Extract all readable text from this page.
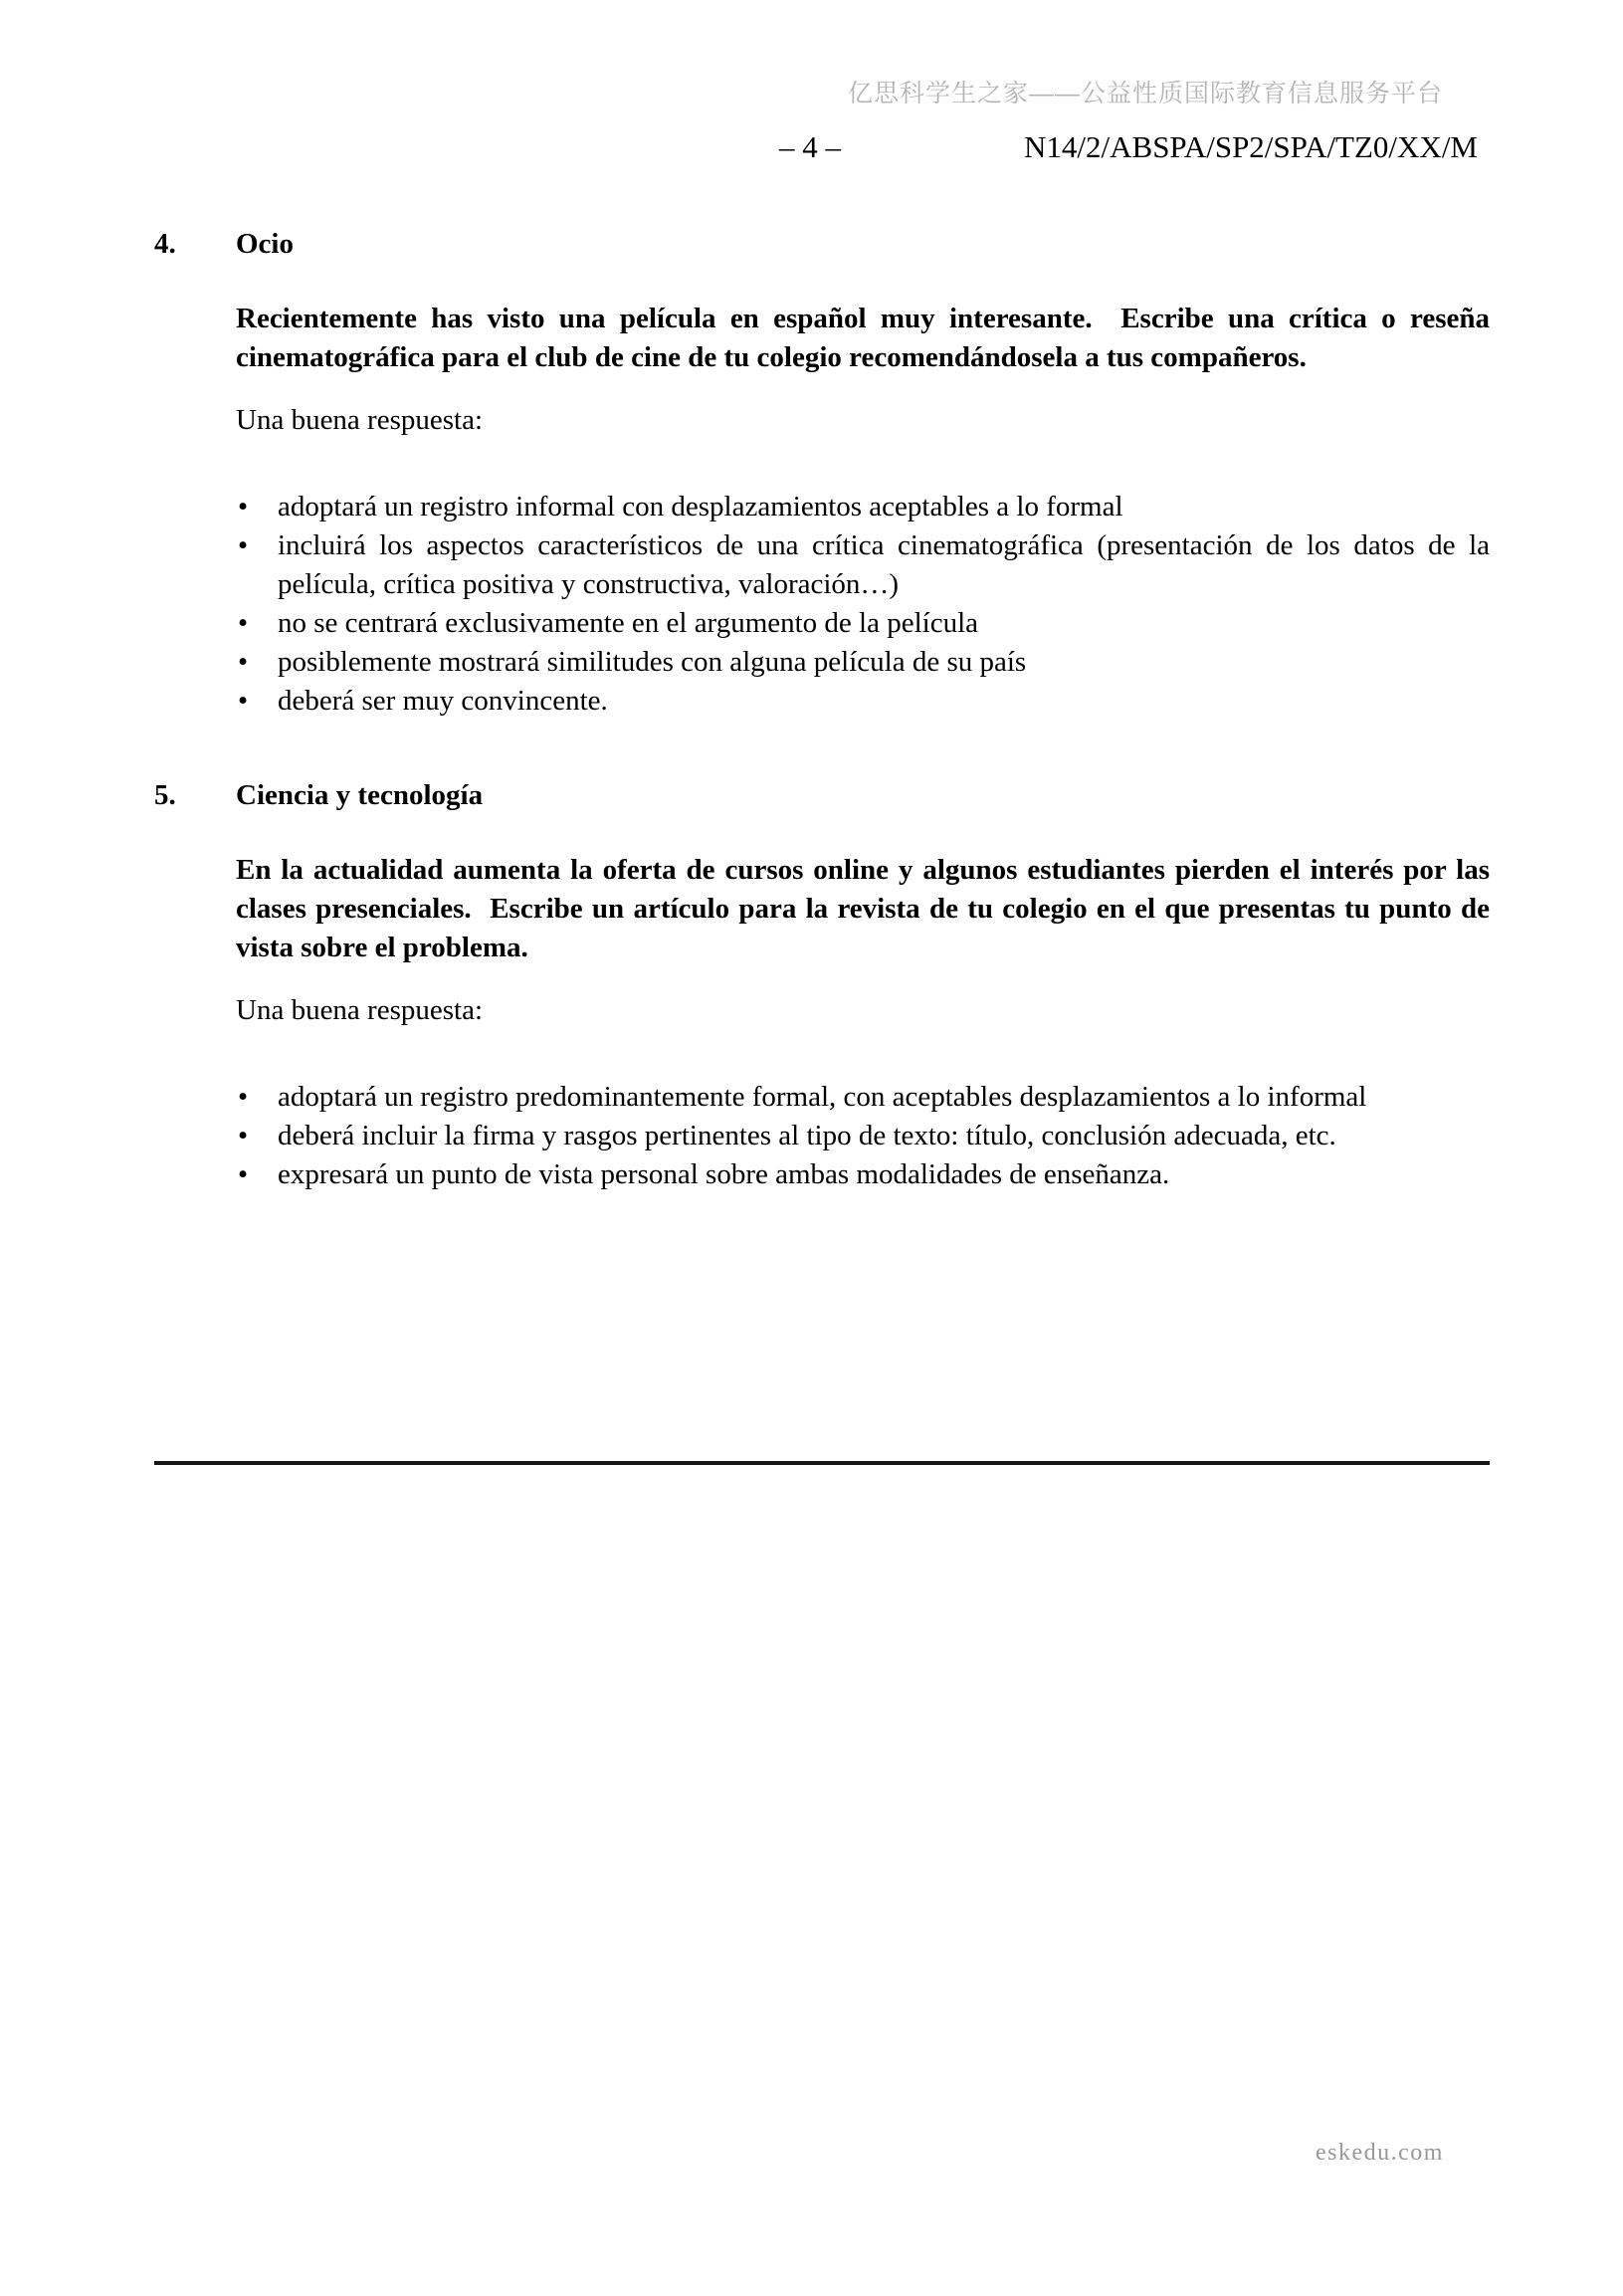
亿思科学生之家——公益性质国际教育信息服务平台
– 4 –	N14/2/ABSPA/SP2/SPA/TZ0/XX/M
4.	Ocio

Recientemente has visto una película en español muy interesante.  Escribe una crítica o reseña cinematográfica para el club de cine de tu colegio recomendándosela a tus compañeros.

Una buena respuesta:

• adoptará un registro informal con desplazamientos aceptables a lo formal
• incluirá los aspectos característicos de una crítica cinematográfica (presentación de los datos de la película, crítica positiva y constructiva, valoración…)
• no se centrará exclusivamente en el argumento de la película
• posiblemente mostrará similitudes con alguna película de su país
• deberá ser muy convincente.
5.	Ciencia y tecnología

En la actualidad aumenta la oferta de cursos online y algunos estudiantes pierden el interés por las clases presenciales.  Escribe un artículo para la revista de tu colegio en el que presentas tu punto de vista sobre el problema.

Una buena respuesta:

• adoptará un registro predominantemente formal, con aceptables desplazamientos a lo informal
• deberá incluir la firma y rasgos pertinentes al tipo de texto: título, conclusión adecuada, etc.
• expresará un punto de vista personal sobre ambas modalidades de enseñanza.
eskedu.com
